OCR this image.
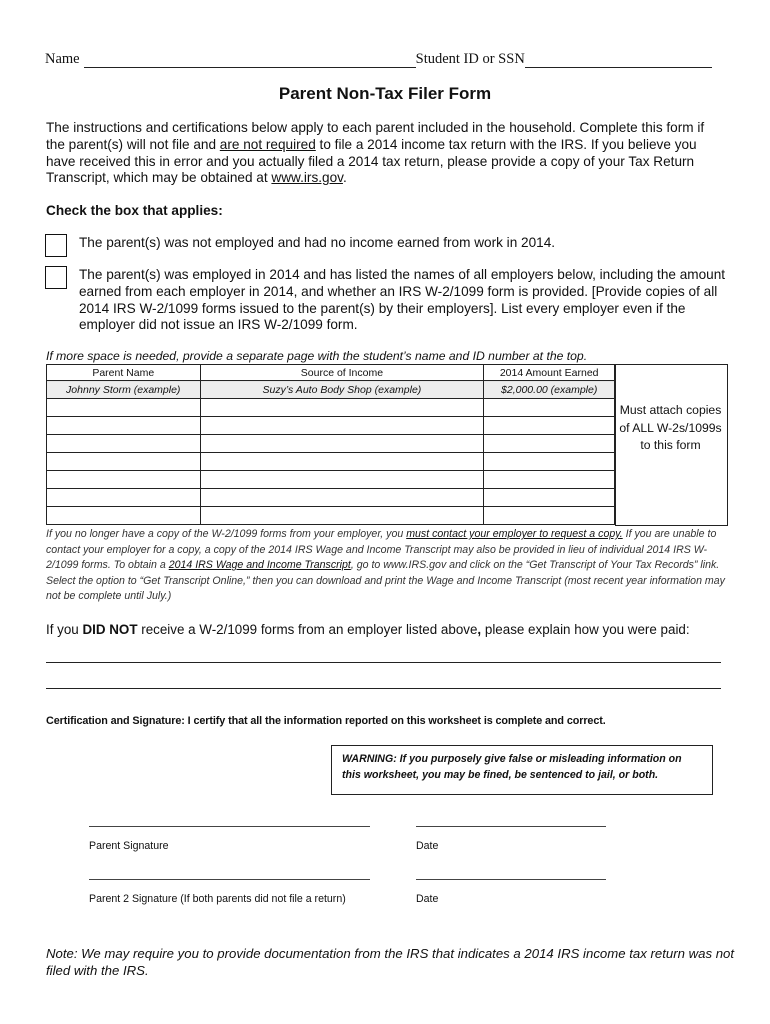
Name	Student ID or SSN
Parent Non-Tax Filer Form
The instructions and certifications below apply to each parent included in the household. Complete this form if the parent(s) will not file and are not required to file a 2014 income tax return with the IRS. If you believe you have received this in error and you actually filed a 2014 tax return, please provide a copy of your Tax Return Transcript, which may be obtained at www.irs.gov.
Check the box that applies:
The parent(s) was not employed and had no income earned from work in 2014.
The parent(s) was employed in 2014 and has listed the names of all employers below, including the amount earned from each employer in 2014, and whether an IRS W-2/1099 form is provided. [Provide copies of all 2014 IRS W-2/1099 forms issued to the parent(s) by their employers]. List every employer even if the employer did not issue an IRS W-2/1099 form.
If more space is needed, provide a separate page with the student’s name and ID number at the top.
Parent Name	Source of Income	2014 Amount Earned
Johnny Storm (example)	Suzy’s Auto Body Shop (example)	$2,000.00 (example)

Must attach copies of ALL W-2s/1099s to this form
If you no longer have a copy of the W-2/1099 forms from your employer, you must contact your employer to request a copy. If you are unable to contact your employer for a copy, a copy of the 2014 IRS Wage and Income Transcript may also be provided in lieu of individual 2014 IRS W-2/1099 forms. To obtain a 2014 IRS Wage and Income Transcript, go to www.IRS.gov and click on the “Get Transcript of Your Tax Records” link. Select the option to “Get Transcript Online,” then you can download and print the Wage and Income Transcript (most recent year information may not be complete until July.)
If you DID NOT receive a W-2/1099 forms from an employer listed above, please explain how you were paid:
Certification and Signature: I certify that all the information reported on this worksheet is complete and correct.
WARNING: If you purposely give false or misleading information on this worksheet, you may be fined, be sentenced to jail, or both.
Parent Signature	Date
Parent 2 Signature (If both parents did not file a return)	Date
Note: We may require you to provide documentation from the IRS that indicates a 2014 IRS income tax return was not filed with the IRS.
